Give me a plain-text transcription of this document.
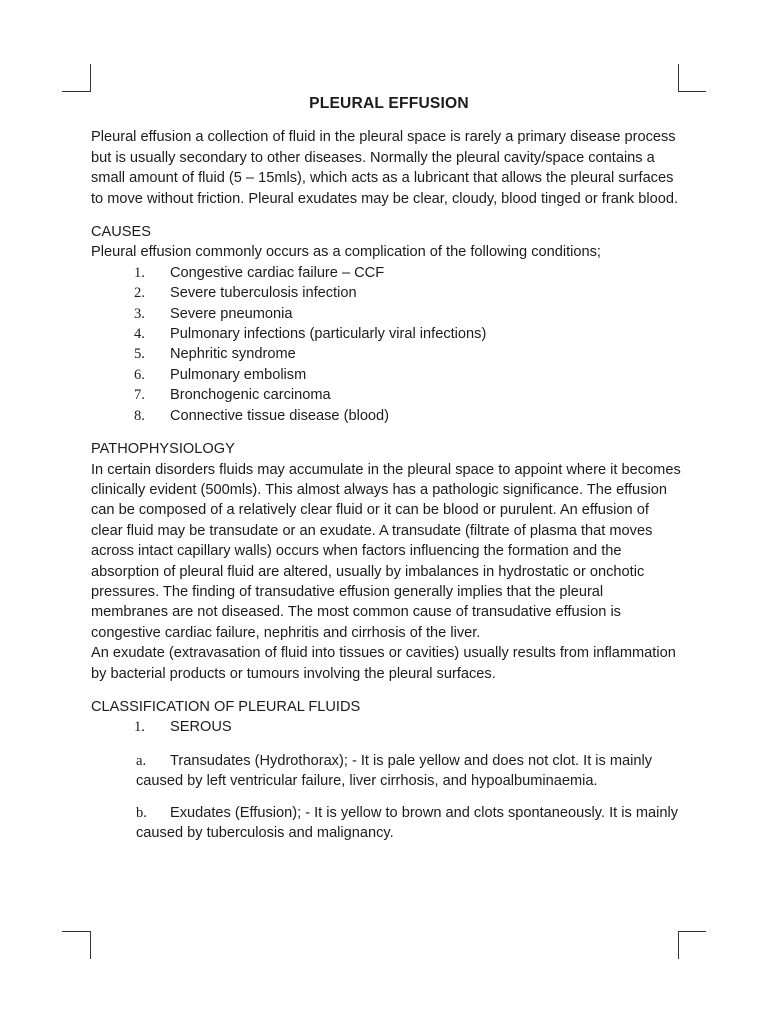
PLEURAL EFFUSION

Pleural effusion a collection of fluid in the pleural space is rarely a primary disease process but is usually secondary to other diseases. Normally the pleural cavity/space contains a small amount of fluid (5 – 15mls), which acts as a lubricant that allows the pleural surfaces to move without friction. Pleural exudates may be clear, cloudy, blood tinged or frank blood.

CAUSES

Pleural effusion commonly occurs as a complication of the following conditions;

1.	Congestive cardiac failure – CCF
2.	Severe tuberculosis infection
3.	Severe pneumonia
4.	Pulmonary infections (particularly viral infections)
5.	Nephritic syndrome
6.	Pulmonary embolism
7.	Bronchogenic carcinoma
8.	Connective tissue disease (blood)

PATHOPHYSIOLOGY

In certain disorders fluids may accumulate in the pleural space to appoint where it becomes clinically evident (500mls). This almost always has a pathologic significance. The effusion can be composed of a relatively clear fluid or it can be blood or purulent. An effusion of clear fluid may be transudate or an exudate. A transudate (filtrate of plasma that moves across intact capillary walls) occurs when factors influencing the formation and the absorption of pleural fluid are altered, usually by imbalances in hydrostatic or onchotic pressures. The finding of transudative effusion generally implies that the pleural membranes are not diseased. The most common cause of transudative effusion is congestive cardiac failure, nephritis and cirrhosis of the liver.

An exudate (extravasation of fluid into tissues or cavities) usually results from inflammation by bacterial products or tumours involving the pleural surfaces.

CLASSIFICATION OF PLEURAL FLUIDS

1.	SEROUS
a. Transudates (Hydrothorax); - It is pale yellow and does not clot. It is mainly caused by left ventricular failure, liver cirrhosis, and hypoalbuminaemia.
b. Exudates (Effusion); - It is yellow to brown and clots spontaneously. It is mainly caused by tuberculosis and malignancy.
